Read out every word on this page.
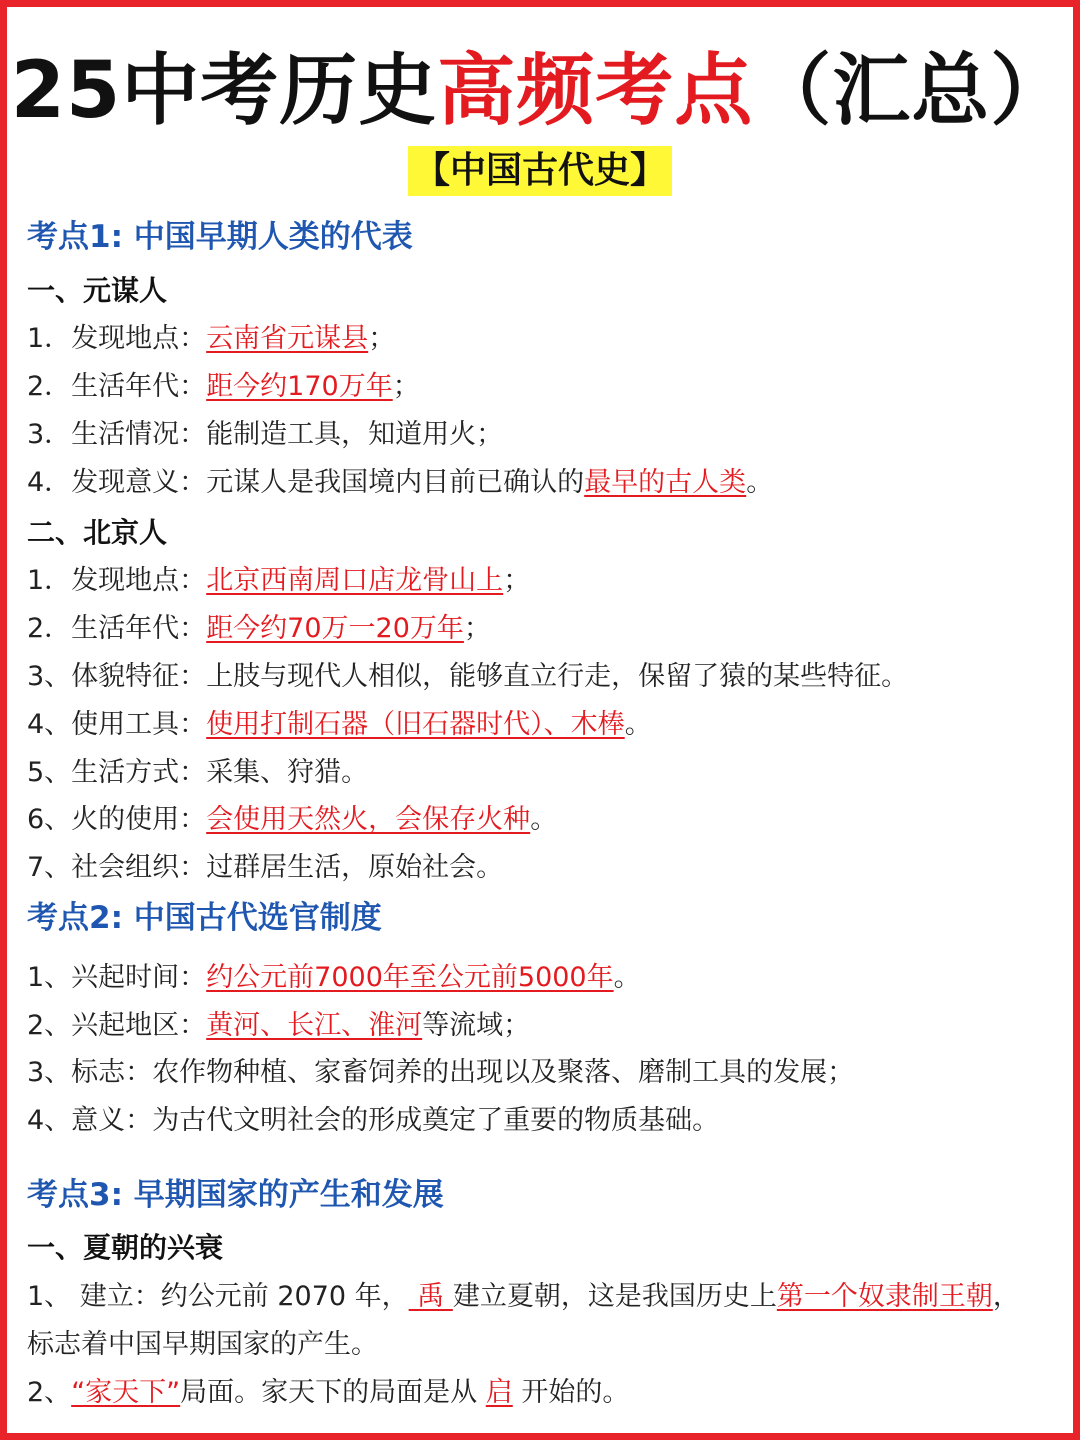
25中考历史高频考点（汇总）
【中国古代史】
考点1: 中国早期人类的代表
一、元谋人
1．发现地点：云南省元谋县；
2．生活年代：距今约170万年；
3．生活情况：能制造工具，知道用火；
4．发现意义：元谋人是我国境内目前已确认的最早的古人类。
二、北京人
1．发现地点：北京西南周口店龙骨山上；
2．生活年代：距今约70万一20万年；
3、体貌特征：上肢与现代人相似，能够直立行走，保留了猿的某些特征。
4、使用工具：使用打制石器（旧石器时代）、木棒。
5、生活方式：采集、狩猎。
6、火的使用：会使用天然火，会保存火种。
7、社会组织：过群居生活，原始社会。
考点2: 中国古代选官制度
1、兴起时间：约公元前7000年至公元前5000年。
2、兴起地区：黄河、长江、淮河等流域；
3、标志：农作物种植、家畜饲养的出现以及聚落、磨制工具的发展；
4、意义：为古代文明社会的形成奠定了重要的物质基础。
考点3: 早期国家的产生和发展
一、夏朝的兴衰
1、 建立：约公元前 2070 年， 禹 建立夏朝，这是我国历史上第一个奴隶制王朝，
标志着中国早期国家的产生。
2、“家天下”局面。家天下的局面是从 启 开始的。
